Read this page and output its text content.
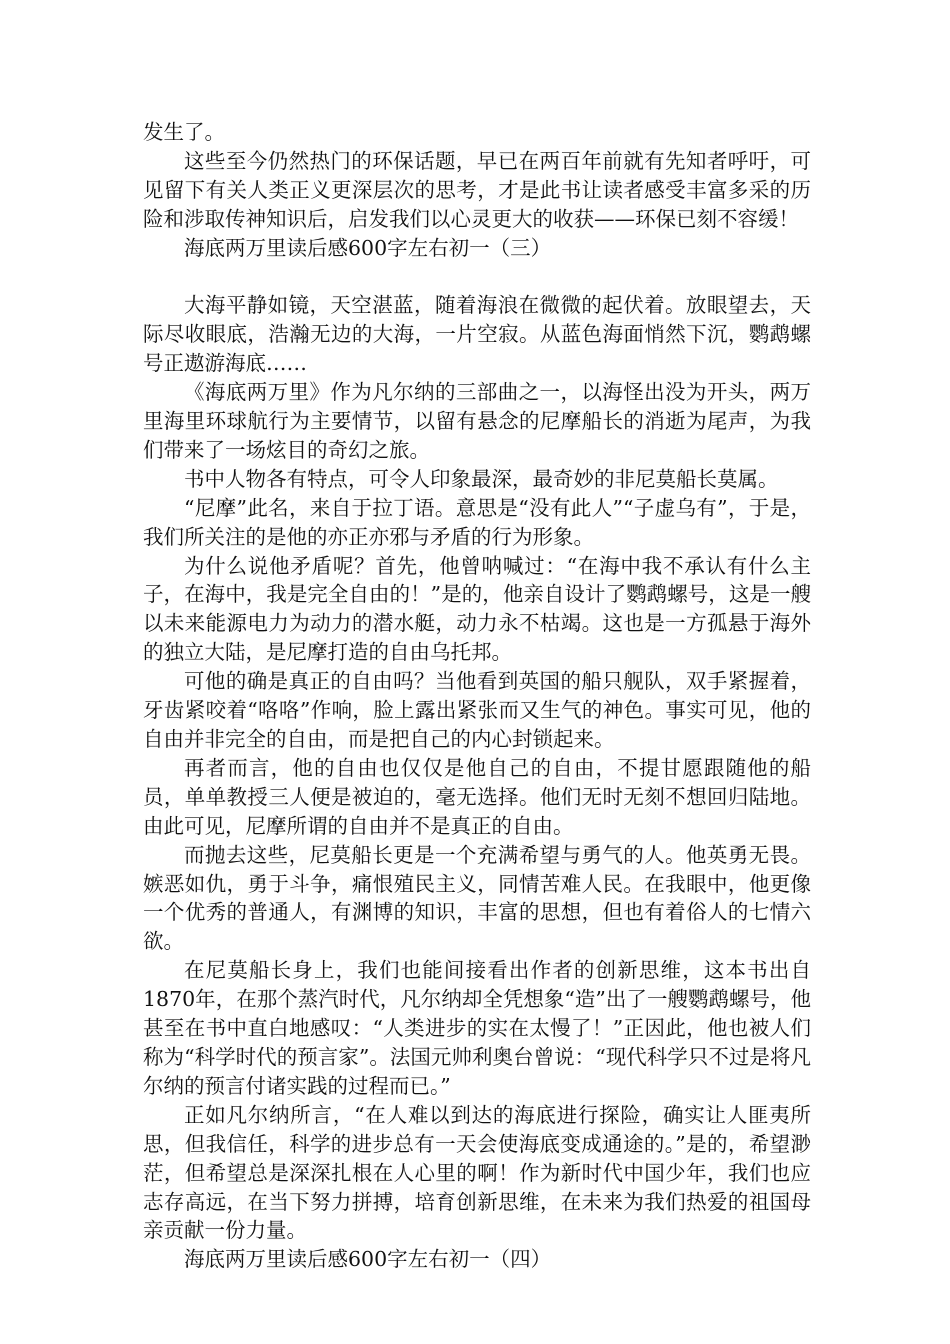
发生了。

这些至今仍然热门的环保话题，早已在两百年前就有先知者呼吁，可见留下有关人类正义更深层次的思考，才是此书让读者感受丰富多采的历险和涉取传神知识后，启发我们以心灵更大的收获——环保已刻不容缓！

海底两万里读后感600字左右初一（三）

大海平静如镜，天空湛蓝，随着海浪在微微的起伏着。放眼望去，天际尽收眼底，浩瀚无边的大海，一片空寂。从蓝色海面悄然下沉，鹦鹉螺号正遨游海底……

《海底两万里》作为凡尔纳的三部曲之一，以海怪出没为开头，两万里海里环球航行为主要情节，以留有悬念的尼摩船长的消逝为尾声，为我们带来了一场炫目的奇幻之旅。

书中人物各有特点，可令人印象最深，最奇妙的非尼莫船长莫属。

“尼摩”此名，来自于拉丁语。意思是“没有此人”“子虚乌有”，于是，我们所关注的是他的亦正亦邪与矛盾的行为形象。

为什么说他矛盾呢？首先，他曾呐喊过：“在海中我不承认有什么主子，在海中，我是完全自由的！”是的，他亲自设计了鹦鹉螺号，这是一艘以未来能源电力为动力的潜水艇，动力永不枯竭。这也是一方孤悬于海外的独立大陆，是尼摩打造的自由乌托邦。

可他的确是真正的自由吗？当他看到英国的船只舰队，双手紧握着，牙齿紧咬着“咯咯”作响，脸上露出紧张而又生气的神色。事实可见，他的自由并非完全的自由，而是把自己的内心封锁起来。

再者而言，他的自由也仅仅是他自己的自由，不提甘愿跟随他的船员，单单教授三人便是被迫的，毫无选择。他们无时无刻不想回归陆地。由此可见，尼摩所谓的自由并不是真正的自由。

而抛去这些，尼莫船长更是一个充满希望与勇气的人。他英勇无畏。嫉恶如仇，勇于斗争，痛恨殖民主义，同情苦难人民。在我眼中，他更像一个优秀的普通人，有渊博的知识，丰富的思想，但也有着俗人的七情六欲。

在尼莫船长身上，我们也能间接看出作者的创新思维，这本书出自1870年，在那个蒸汽时代，凡尔纳却全凭想象“造”出了一艘鹦鹉螺号，他甚至在书中直白地感叹：“人类进步的实在太慢了！”正因此，他也被人们称为“科学时代的预言家”。法国元帅利奥台曾说：“现代科学只不过是将凡尔纳的预言付诸实践的过程而已。”

正如凡尔纳所言，“在人难以到达的海底进行探险，确实让人匪夷所思，但我信任，科学的进步总有一天会使海底变成通途的。”是的，希望渺茫，但希望总是深深扎根在人心里的啊！作为新时代中国少年，我们也应志存高远，在当下努力拼搏，培育创新思维，在未来为我们热爱的祖国母亲贡献一份力量。

海底两万里读后感600字左右初一（四）
